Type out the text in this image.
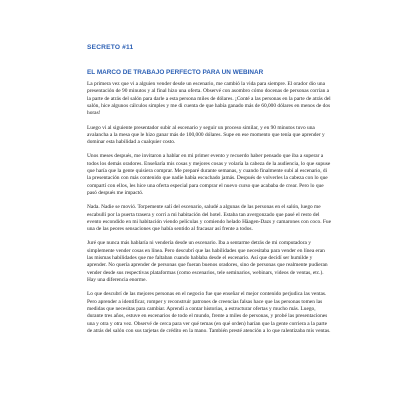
SECRETO #11
EL MARCO DE TRABAJO PERFECTO PARA UN WEBINAR

La primera vez que vi a alguien vender desde un escenario, me cambió la vida para siempre. El orador dio una presentación de 90 minutos y al final hizo una oferta. Observé con asombro cómo docenas de personas corrían a la parte de atrás del salón para darle a esta persona miles de dólares. ¡Conté a las personas en la parte de atrás del salón, hice algunos cálculos simples y me di cuenta de que había ganado más de 60,000 dólares en menos de dos horas!

Luego vi al siguiente presentador subir al escenario y seguir un proceso similar, y en 90 minutos tuvo una avalancha a la mesa que le hizo ganar más de 100,000 dólares. Supe en ese momento que tenía que aprender y dominar esta habilidad a cualquier costo.

Unos meses después, me invitaron a hablar en mi primer evento y recuerdo haber pensado que iba a superar a todos los demás oradores. Enseñaría mis cosas y mejores cosas y volaría la cabeza de la audiencia, lo que supuse que haría que la gente quisiera comprar. Me preparé durante semanas, y cuando finalmente subí al escenario, di la presentación con más contenido que nadie había escuchado jamás. Después de volverles la cabeza con lo que compartí con ellos, les hice una oferta especial para comprar el nuevo curso que acababa de crear. Pero lo que pasó después me impactó.

Nada. Nadie se movió. Torpemente salí del escenario, saludé a algunas de las personas en el salón, luego me escabullí por la puerta trasera y corrí a mi habitación del hotel. Estaba tan avergonzado que pasé el resto del evento escondido en mi habitación viendo películas y comiendo helado Häagen-Dazs y camarones con coco. Fue una de las peores sensaciones que había sentido al fracasar así frente a todos.

Juré que nunca más hablaría ni vendería desde un escenario. Iba a sentarme detrás de mi computadora y simplemente vender cosas en línea. Pero descubrí que las habilidades que necesitaba para vender en línea eran las mismas habilidades que me faltaban cuando hablaba desde el escenario. Así que decidí ser humilde y aprender. No quería aprender de personas que fueran buenos oradores, sino de personas que realmente pudieran vender desde sus respectivas plataformas (como escenarios, tele seminarios, webinars, videos de ventas, etc.). Hay una diferencia enorme.

Lo que descubrí de las mejores personas en el negocio fue que enseñar el mejor contenido perjudica las ventas. Pero aprender a identificar, romper y reconstruir patrones de creencias falsas hace que las personas tomen las medidas que necesitas para cambiar. Aprendí a contar historias, a estructurar ofertas y mucho más. Luego, durante tres años, estuve en escenarios de todo el mundo, frente a miles de personas, y probé las presentaciones una y otra y otra vez. Observé de cerca para ver qué temas (en qué orden) harían que la gente corriera a la parte de atrás del salón con sus tarjetas de crédito en la mano. También presté atención a lo que ralentizaba mis ventas.
